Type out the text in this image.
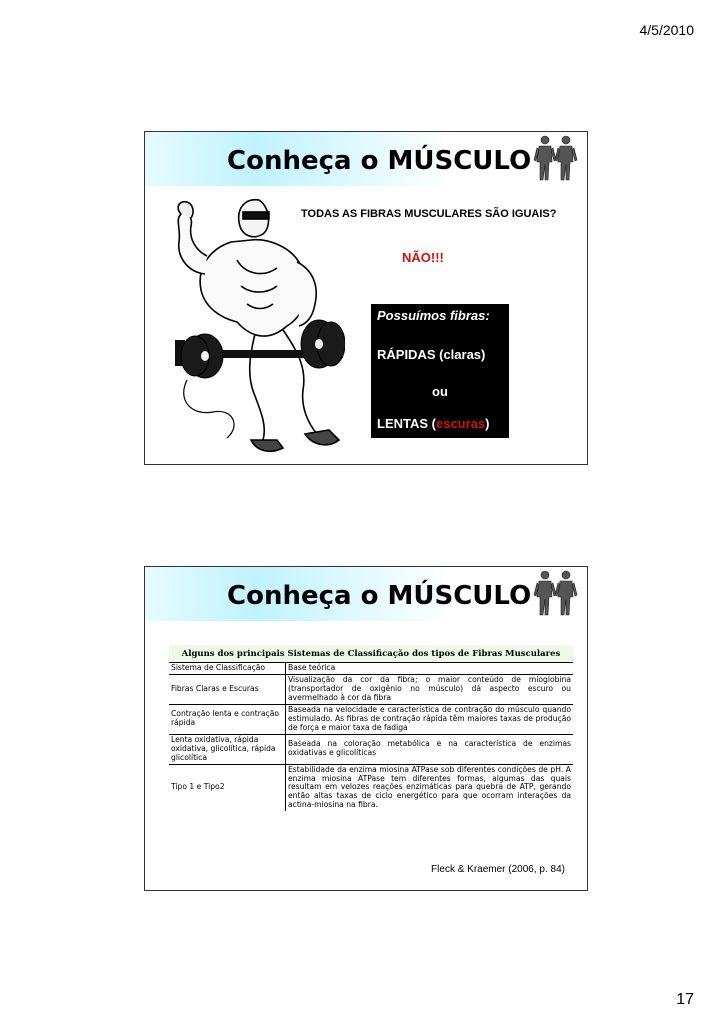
4/5/2010
Conheça o MÚSCULO
TODAS AS FIBRAS MUSCULARES SÃO IGUAIS?
NÃO!!!
Possuímos fibras:
RÁPIDAS (claras)
ou
LENTAS (escuras)
Conheça o MÚSCULO
Alguns dos principais Sistemas de Classificação dos tipos de Fibras Musculares	
Sistema de Classificação	Base teórica
Fibras Claras e Escuras	Visualização da cor da fibra; o maior conteúdo de mioglobina (transportador de oxigênio no músculo) dá aspecto escuro ou avermelhado à cor da fibra
Contração lenta e contração rápida	Baseada na velocidade e característica de contração do músculo quando estimulado. As fibras de contração rápida têm maiores taxas de produção de força e maior taxa de fadiga
Lenta oxidativa, rápida oxidativa, glicolítica, rápida glicolítica	Baseada na coloração metabólica e na característica de enzimas oxidativas e glicolíticas
Tipo 1 e Tipo2	Estabilidade da enzima miosina ATPase sob diferentes condições de pH. A enzima miosina ATPase tem diferentes formas, algumas das quais resultam em velozes reações enzimáticas para quebra de ATP, gerando então altas taxas de ciclo energético para que ocorram interações da actina-miosina na fibra.
Fleck & Kraemer (2006, p. 84)
17
